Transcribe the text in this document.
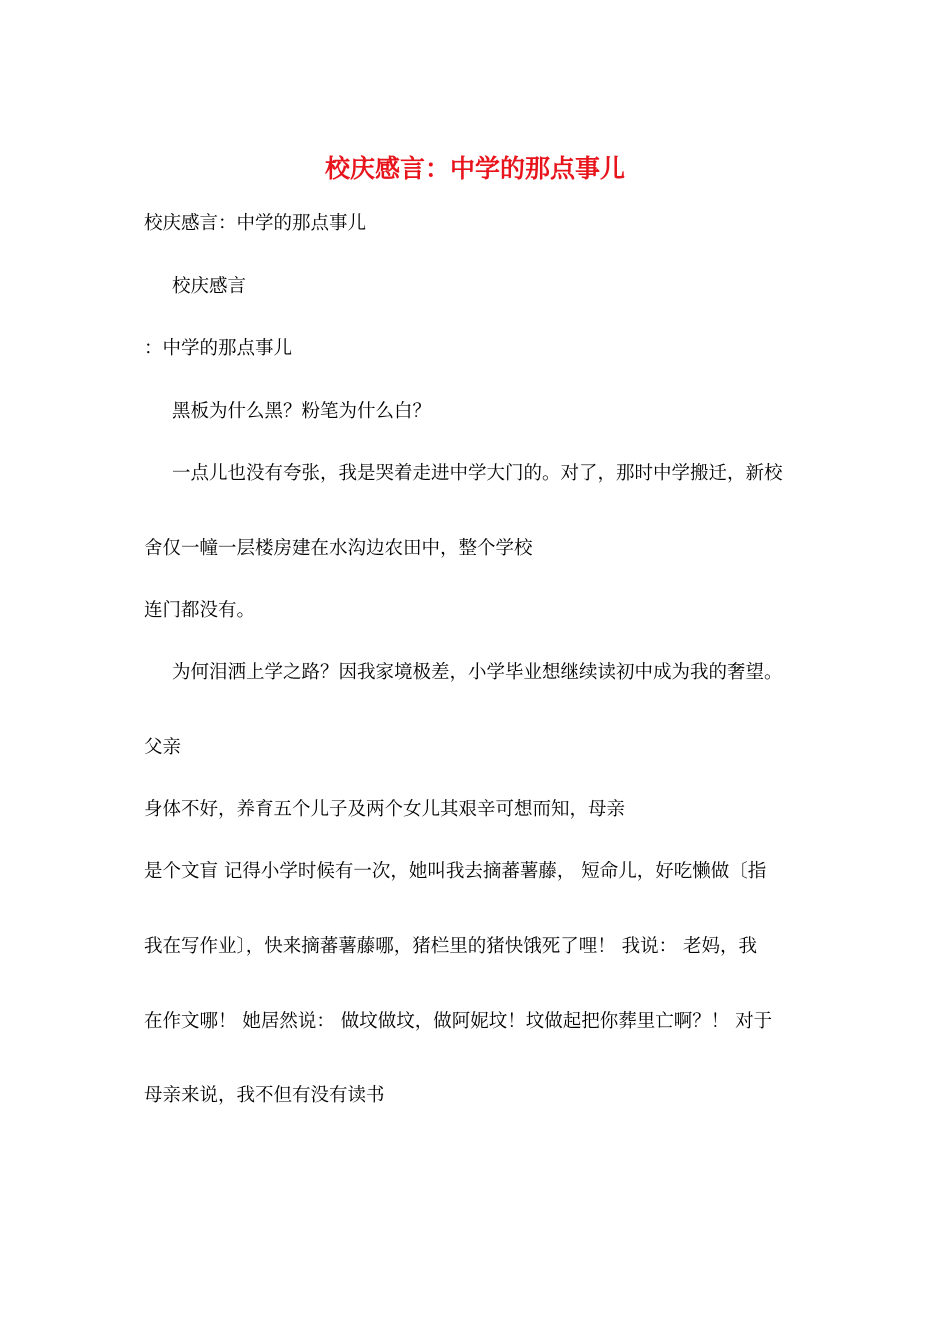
校庆感言：中学的那点事儿
校庆感言：中学的那点事儿
校庆感言
：中学的那点事儿
黑板为什么黑？粉笔为什么白？
一点儿也没有夸张，我是哭着走进中学大门的。对了，那时中学搬迁，新校
舍仅一幢一层楼房建在水沟边农田中，整个学校
连门都没有。
为何泪洒上学之路？因我家境极差，小学毕业想继续读初中成为我的奢望。
父亲
身体不好，养育五个儿子及两个女儿其艰辛可想而知，母亲
是个文盲 记得小学时候有一次，她叫我去摘蕃薯藤， 短命儿，好吃懒做〔指
我在写作业〕，快来摘蕃薯藤哪，猪栏里的猪快饿死了哩！ 我说： 老妈，我
在作文哪！ 她居然说： 做坟做坟，做阿妮坟！坟做起把你葬里亡啊？！ 对于
母亲来说，我不但有没有读书
